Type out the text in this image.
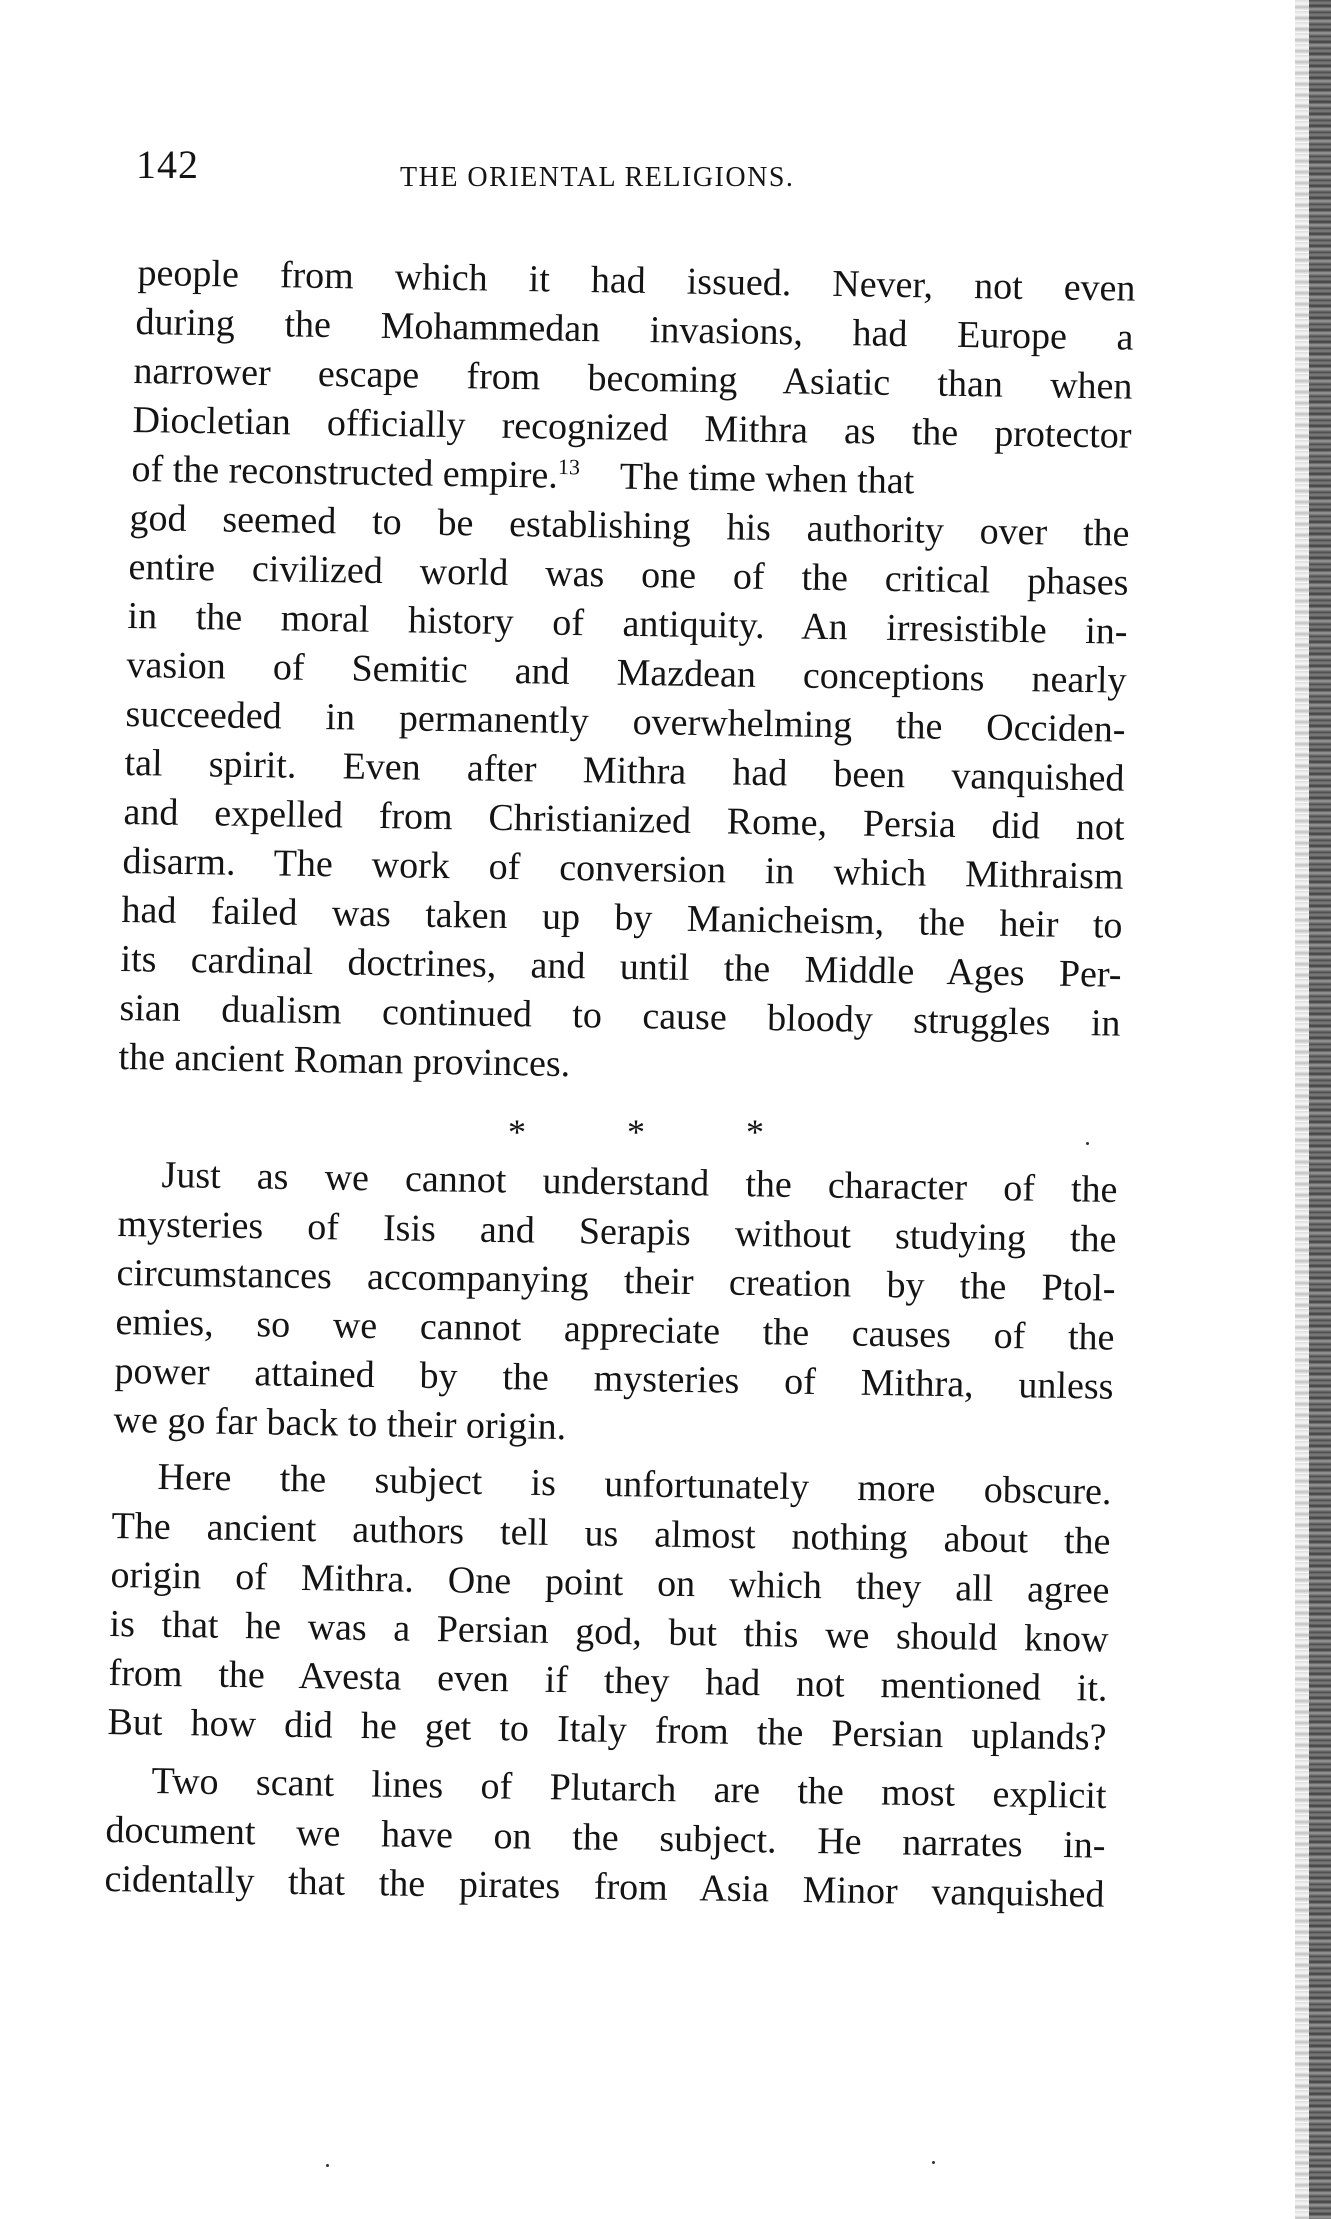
142	THE ORIENTAL RELIGIONS.
people from which it had issued. Never, not even
during the Mohammedan invasions, had Europe a
narrower escape from becoming Asiatic than when
Diocletian officially recognized Mithra as the protector
of the reconstructed empire.$^{13}$ The time when that
god seemed to be establishing his authority over the
entire civilized world was one of the critical phases
in the moral history of antiquity. An irresistible in-
vasion of Semitic and Mazdean conceptions nearly
succeeded in permanently overwhelming the Occiden-
tal spirit. Even after Mithra had been vanquished
and expelled from Christianized Rome, Persia did not
disarm. The work of conversion in which Mithraism
had failed was taken up by Manicheism, the heir to
its cardinal doctrines, and until the Middle Ages Per-
sian dualism continued to cause bloody struggles in
the ancient Roman provinces.
* * *
Just as we cannot understand the character of the
mysteries of Isis and Serapis without studying the
circumstances accompanying their creation by the Ptol-
emies, so we cannot appreciate the causes of the
power attained by the mysteries of Mithra, unless
we go far back to their origin.
Here the subject is unfortunately more obscure.
The ancient authors tell us almost nothing about the
origin of Mithra. One point on which they all agree
is that he was a Persian god, but this we should know
from the Avesta even if they had not mentioned it.
But how did he get to Italy from the Persian uplands?
Two scant lines of Plutarch are the most explicit
document we have on the subject. He narrates in-
cidentally that the pirates from Asia Minor vanquished
